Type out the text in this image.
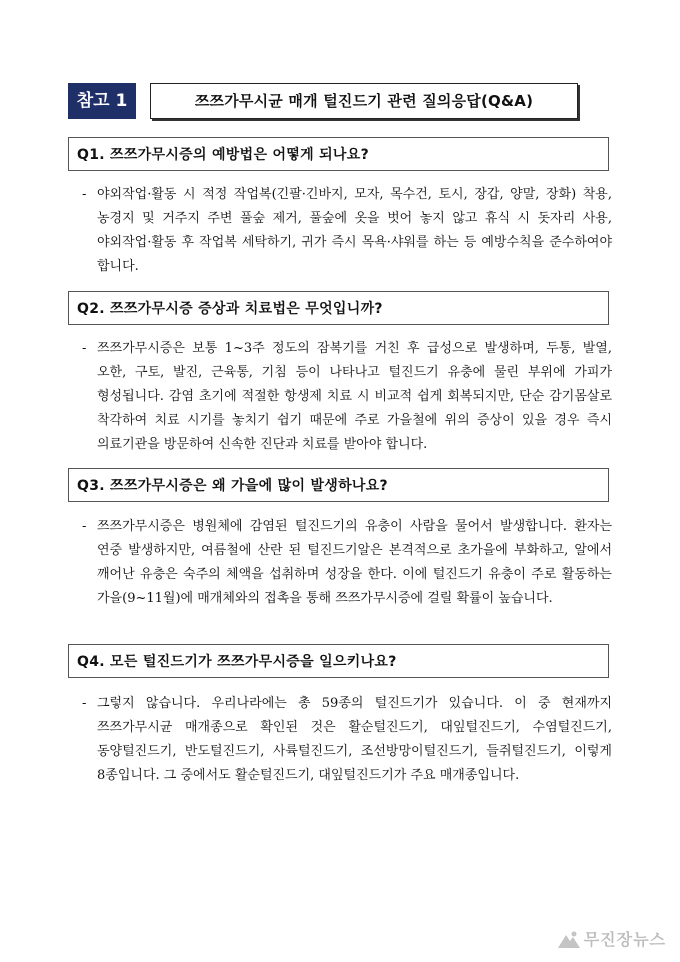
참고 1	쯔쯔가무시균 매개 털진드기 관련 질의응답(Q&A)
Q1. 쯔쯔가무시증의 예방법은 어떻게 되나요?
- 야외작업·활동 시 적정 작업복(긴팔·긴바지, 모자, 목수건, 토시, 장갑, 양말, 장화) 착용, 농경지 및 거주지 주변 풀숲 제거, 풀숲에 옷을 벗어 놓지 않고 휴식 시 돗자리 사용, 야외작업·활동 후 작업복 세탁하기, 귀가 즉시 목욕·샤워를 하는 등 예방수칙을 준수하여야 합니다.
Q2. 쯔쯔가무시증 증상과 치료법은 무엇입니까?
- 쯔쯔가무시증은 보통 1~3주 정도의 잠복기를 거친 후 급성으로 발생하며, 두통, 발열, 오한, 구토, 발진, 근육통, 기침 등이 나타나고 털진드기 유충에 물린 부위에 가피가 형성됩니다. 감염 초기에 적절한 항생제 치료 시 비교적 쉽게 회복되지만, 단순 감기몸살로 착각하여 치료 시기를 놓치기 쉽기 때문에 주로 가을철에 위의 증상이 있을 경우 즉시 의료기관을 방문하여 신속한 진단과 치료를 받아야 합니다.
Q3. 쯔쯔가무시증은 왜 가을에 많이 발생하나요?
- 쯔쯔가무시증은 병원체에 감염된 털진드기의 유충이 사람을 물어서 발생합니다. 환자는 연중 발생하지만, 여름철에 산란 된 털진드기알은 본격적으로 초가을에 부화하고, 알에서 깨어난 유충은 숙주의 체액을 섭취하며 성장을 한다. 이에 털진드기 유충이 주로 활동하는 가을(9~11월)에 매개체와의 접촉을 통해 쯔쯔가무시증에 걸릴 확률이 높습니다.
Q4. 모든 털진드기가 쯔쯔가무시증을 일으키나요?
- 그렇지 않습니다. 우리나라에는 총 59종의 털진드기가 있습니다. 이 중 현재까지 쯔쯔가무시균 매개종으로 확인된 것은 활순털진드기, 대잎털진드기, 수염털진드기, 동양털진드기, 반도털진드기, 사륙털진드기, 조선방망이털진드기, 들쥐털진드기, 이렇게 8종입니다. 그 중에서도 활순털진드기, 대잎털진드기가 주요 매개종입니다.
무진장뉴스
